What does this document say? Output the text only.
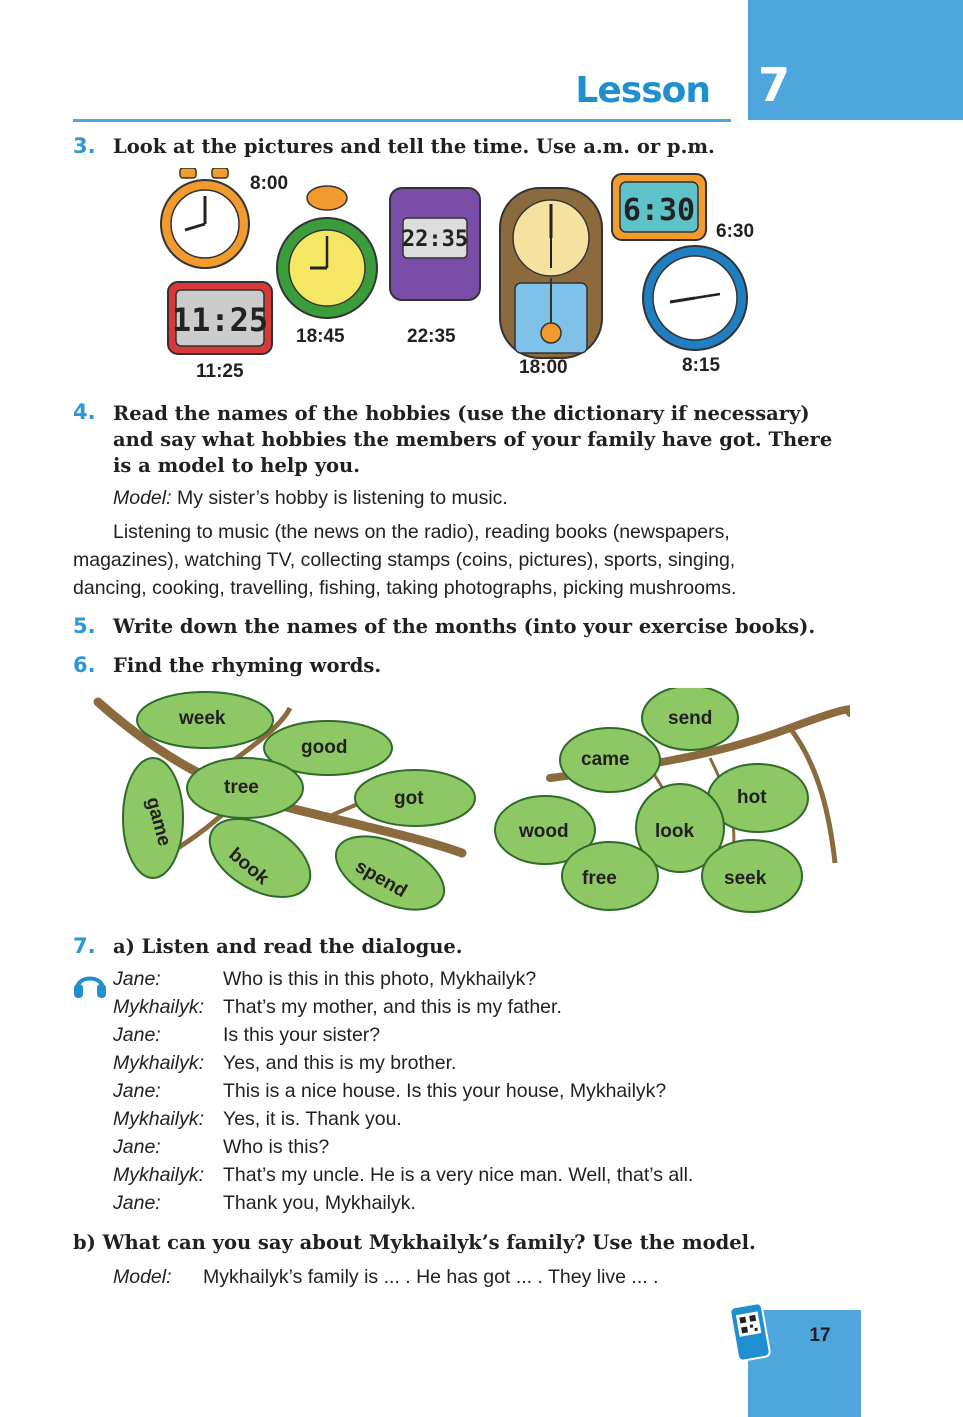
7
Lesson
3. Look at the pictures and tell the time. Use a.m. or p.m.
22:35
6:30
11:25
8:00
6:30
18:45	22:35
11:25	18:00	8:15
4. Read the names of the hobbies (use the dictionary if necessary)
and say what hobbies the members of your family have got. There
is a model to help you.
Model: My sister’s hobby is listening to music.
Listening to music (the news on the radio), reading books (newspapers,
magazines), watching TV, collecting stamps (coins, pictures), sports, singing,
dancing, cooking, travelling, fishing, taking photographs, picking mushrooms.
5. Write down the names of the months (into your exercise books).
6. Find the rhyming words.
week
good
tree
got
game
book	spend
send
came
hot
wood	look
free	seek
7. a) Listen and read the dialogue.
Jane:	Who is this in this photo, Mykhailyk?
Mykhailyk: That’s my mother, and this is my father.
Jane:	Is this your sister?
Mykhailyk: Yes, and this is my brother.
Jane:	This is a nice house. Is this your house, Mykhailyk?
Mykhailyk: Yes, it is. Thank you.
Jane:	Who is this?
Mykhailyk: That’s my uncle. He is a very nice man. Well, that’s all.
Jane:	Thank you, Mykhailyk.
b) What can you say about Mykhailyk’s family? Use the model.
Model: Mykhailyk’s family is ... . He has got ... . They live ... .
17
